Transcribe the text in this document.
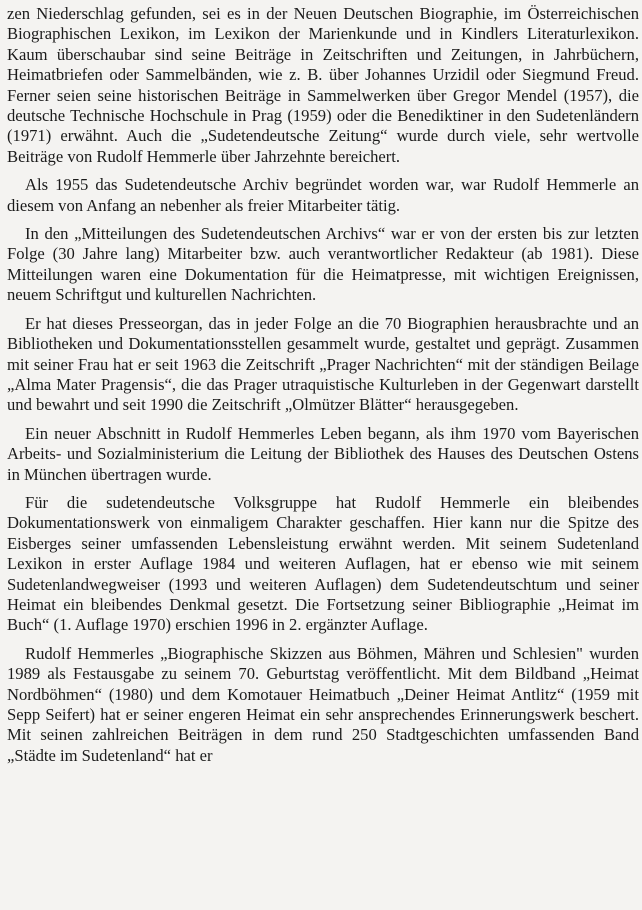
zen Niederschlag gefunden, sei es in der Neuen Deutschen Biographie, im Österreichischen Biographischen Lexikon, im Lexikon der Marienkunde und in Kindlers Literaturlexikon. Kaum überschaubar sind seine Beiträge in Zeitschriften und Zeitungen, in Jahrbüchern, Heimatbriefen oder Sammelbänden, wie z. B. über Johannes Urzidil oder Siegmund Freud. Ferner seien seine historischen Beiträge in Sammelwerken über Gregor Mendel (1957), die deutsche Technische Hochschule in Prag (1959) oder die Benediktiner in den Sudetenländern (1971) erwähnt. Auch die „Sudetendeutsche Zeitung“ wurde durch viele, sehr wertvolle Beiträge von Rudolf Hemmerle über Jahrzehnte bereichert.

Als 1955 das Sudetendeutsche Archiv begründet worden war, war Rudolf Hemmerle an diesem von Anfang an nebenher als freier Mitarbeiter tätig.

In den „Mitteilungen des Sudetendeutschen Archivs“ war er von der ersten bis zur letzten Folge (30 Jahre lang) Mitarbeiter bzw. auch verantwortlicher Redakteur (ab 1981). Diese Mitteilungen waren eine Dokumentation für die Heimatpresse, mit wichtigen Ereignissen, neuem Schriftgut und kulturellen Nachrichten.

Er hat dieses Presseorgan, das in jeder Folge an die 70 Biographien herausbrachte und an Bibliotheken und Dokumentationsstellen gesammelt wurde, gestaltet und geprägt. Zusammen mit seiner Frau hat er seit 1963 die Zeitschrift „Prager Nachrichten“ mit der ständigen Beilage „Alma Mater Pragensis“, die das Prager utraquistische Kulturleben in der Gegenwart darstellt und bewahrt und seit 1990 die Zeitschrift „Olmützer Blätter“ herausgegeben.

Ein neuer Abschnitt in Rudolf Hemmerles Leben begann, als ihm 1970 vom Bayerischen Arbeits- und Sozialministerium die Leitung der Bibliothek des Hauses des Deutschen Ostens in München übertragen wurde.

Für die sudetendeutsche Volksgruppe hat Rudolf Hemmerle ein bleibendes Dokumentationswerk von einmaligem Charakter geschaffen. Hier kann nur die Spitze des Eisberges seiner umfassenden Lebensleistung erwähnt werden. Mit seinem Sudetenland Lexikon in erster Auflage 1984 und weiteren Auflagen, hat er ebenso wie mit seinem Sudetenlandwegweiser (1993 und weiteren Auflagen) dem Sudetendeutschtum und seiner Heimat ein bleibendes Denkmal gesetzt. Die Fortsetzung seiner Bibliographie „Heimat im Buch“ (1. Auflage 1970) erschien 1996 in 2. ergänzter Auflage.

Rudolf Hemmerles „Biographische Skizzen aus Böhmen, Mähren und Schlesien" wurden 1989 als Festausgabe zu seinem 70. Geburtstag veröffentlicht. Mit dem Bildband „Heimat Nordböhmen“ (1980) und dem Komotauer Heimatbuch „Deiner Heimat Antlitz“ (1959 mit Sepp Seifert) hat er seiner engeren Heimat ein sehr ansprechendes Erinnerungswerk beschert. Mit seinen zahlreichen Beiträgen in dem rund 250 Stadtgeschichten umfassenden Band „Städte im Sudetenland“ hat er
